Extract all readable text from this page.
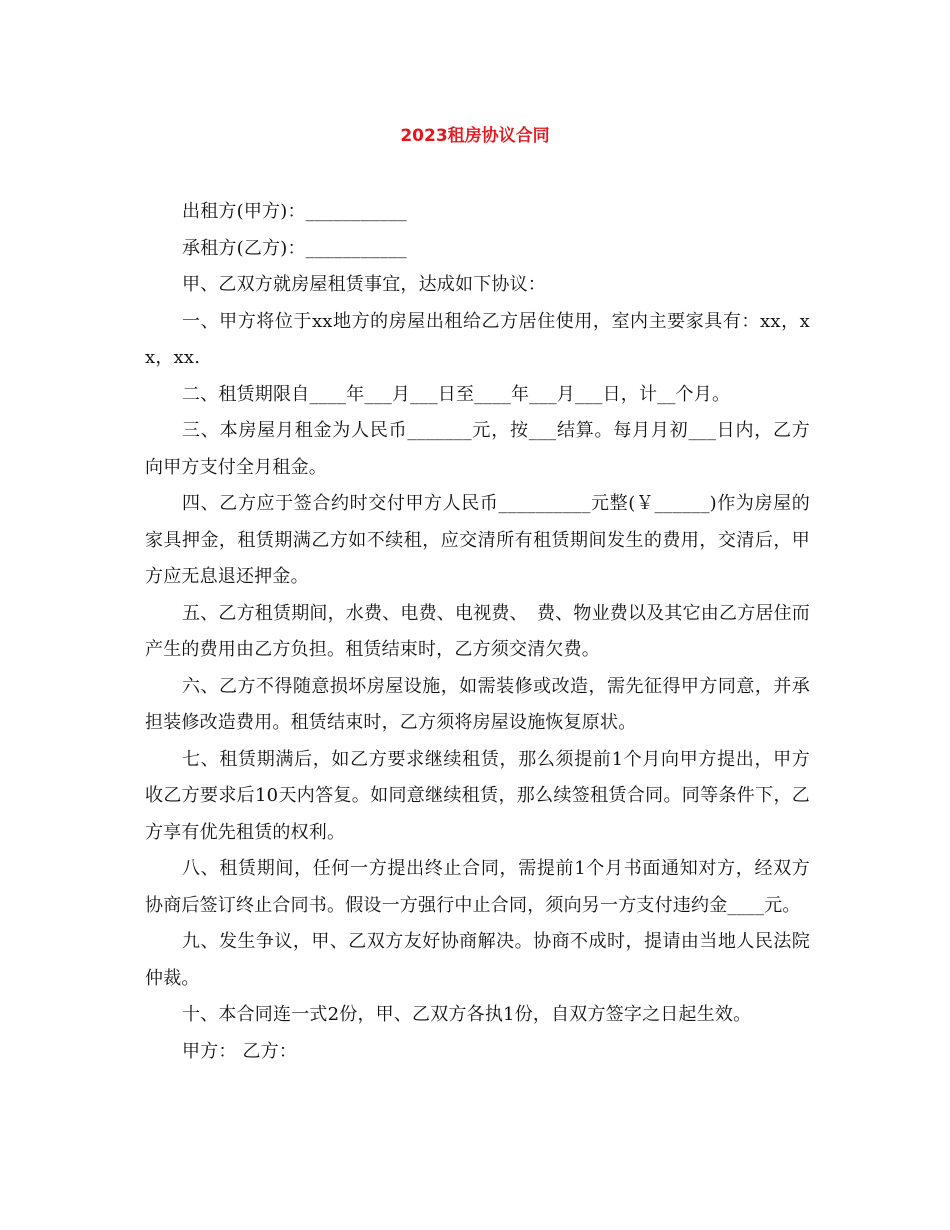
2023租房协议合同

出租方(甲方)：___________

承租方(乙方)：___________

甲、乙双方就房屋租赁事宜，达成如下协议：

一、甲方将位于xx地方的房屋出租给乙方居住使用，室内主要家具有：xx，xx，xx.

二、租赁期限自____年___月___日至____年___月___日，计__个月。

三、本房屋月租金为人民币_______元，按___结算。每月月初___日内，乙方向甲方支付全月租金。

四、乙方应于签合约时交付甲方人民币__________元整(￥______)作为房屋的家具押金，租赁期满乙方如不续租，应交清所有租赁期间发生的费用，交清后，甲方应无息退还押金。

五、乙方租赁期间，水费、电费、电视费、　费、物业费以及其它由乙方居住而产生的费用由乙方负担。租赁结束时，乙方须交清欠费。

六、乙方不得随意损坏房屋设施，如需装修或改造，需先征得甲方同意，并承担装修改造费用。租赁结束时，乙方须将房屋设施恢复原状。

七、租赁期满后，如乙方要求继续租赁，那么须提前1个月向甲方提出，甲方收乙方要求后10天内答复。如同意继续租赁，那么续签租赁合同。同等条件下，乙方享有优先租赁的权利。

八、租赁期间，任何一方提出终止合同，需提前1个月书面通知对方，经双方协商后签订终止合同书。假设一方强行中止合同，须向另一方支付违约金____元。

九、发生争议，甲、乙双方友好协商解决。协商不成时，提请由当地人民法院仲裁。

十、本合同连一式2份，甲、乙双方各执1份，自双方签字之日起生效。

甲方： 乙方：
